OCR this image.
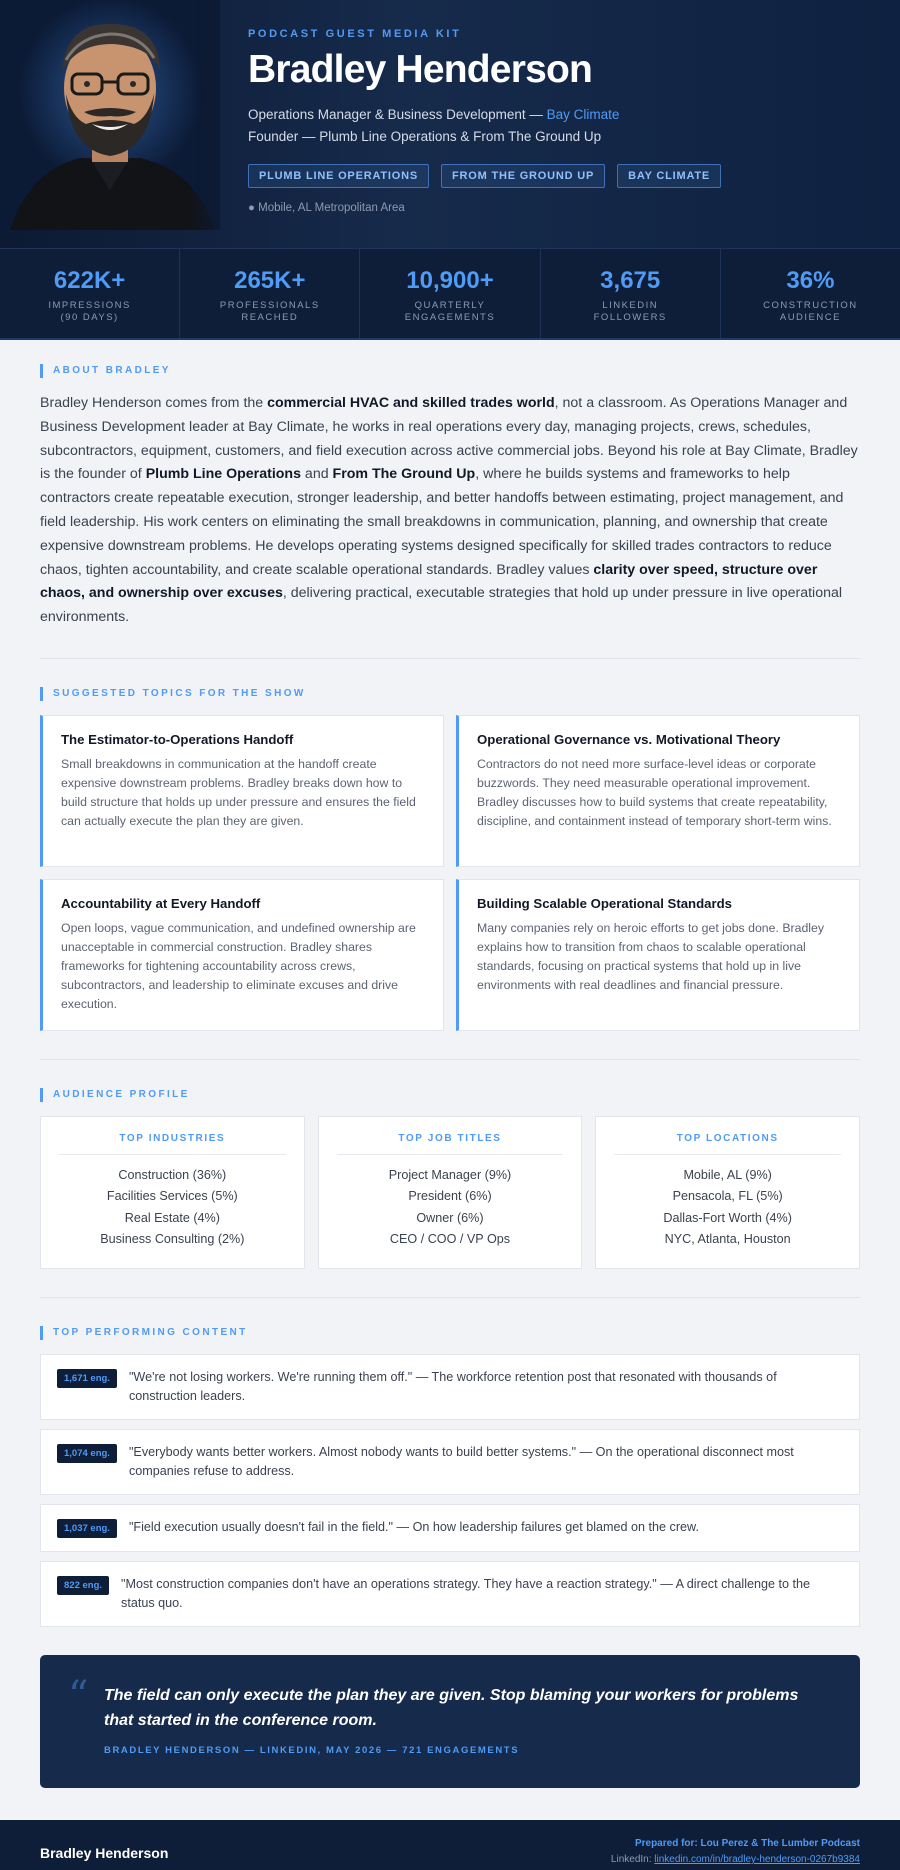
PODCAST GUEST MEDIA KIT
Bradley Henderson
Operations Manager & Business Development — Bay Climate
Founder — Plumb Line Operations & From The Ground Up
PLUMB LINE OPERATIONS	FROM THE GROUND UP	BAY CLIMATE
● Mobile, AL Metropolitan Area
622K+
IMPRESSIONS
(90 DAYS)
265K+
PROFESSIONALS
REACHED
10,900+
QUARTERLY
ENGAGEMENTS
3,675
LINKEDIN
FOLLOWERS
36%
CONSTRUCTION
AUDIENCE
ABOUT BRADLEY
Bradley Henderson comes from the commercial HVAC and skilled trades world, not a classroom. As Operations Manager and Business Development leader at Bay Climate, he works in real operations every day, managing projects, crews, schedules, subcontractors, equipment, customers, and field execution across active commercial jobs. Beyond his role at Bay Climate, Bradley is the founder of Plumb Line Operations and From The Ground Up, where he builds systems and frameworks to help contractors create repeatable execution, stronger leadership, and better handoffs between estimating, project management, and field leadership. His work centers on eliminating the small breakdowns in communication, planning, and ownership that create expensive downstream problems. He develops operating systems designed specifically for skilled trades contractors to reduce chaos, tighten accountability, and create scalable operational standards. Bradley values clarity over speed, structure over chaos, and ownership over excuses, delivering practical, executable strategies that hold up under pressure in live operational environments.
SUGGESTED TOPICS FOR THE SHOW
The Estimator-to-Operations Handoff
Small breakdowns in communication at the handoff create expensive downstream problems. Bradley breaks down how to build structure that holds up under pressure and ensures the field can actually execute the plan they are given.
Operational Governance vs. Motivational Theory
Contractors do not need more surface-level ideas or corporate buzzwords. They need measurable operational improvement. Bradley discusses how to build systems that create repeatability, discipline, and containment instead of temporary short-term wins.
Accountability at Every Handoff
Open loops, vague communication, and undefined ownership are unacceptable in commercial construction. Bradley shares frameworks for tightening accountability across crews, subcontractors, and leadership to eliminate excuses and drive execution.
Building Scalable Operational Standards
Many companies rely on heroic efforts to get jobs done. Bradley explains how to transition from chaos to scalable operational standards, focusing on practical systems that hold up in live environments with real deadlines and financial pressure.
AUDIENCE PROFILE
TOP INDUSTRIES
Construction (36%)
Facilities Services (5%)
Real Estate (4%)
Business Consulting (2%)
TOP JOB TITLES
Project Manager (9%)
President (6%)
Owner (6%)
CEO / COO / VP Ops
TOP LOCATIONS
Mobile, AL (9%)
Pensacola, FL (5%)
Dallas-Fort Worth (4%)
NYC, Atlanta, Houston
TOP PERFORMING CONTENT
1,671 eng.	"We're not losing workers. We're running them off." — The workforce retention post that resonated with thousands of construction leaders.
1,074 eng.	"Everybody wants better workers. Almost nobody wants to build better systems." — On the operational disconnect most companies refuse to address.
1,037 eng.	"Field execution usually doesn't fail in the field." — On how leadership failures get blamed on the crew.
822 eng.	"Most construction companies don't have an operations strategy. They have a reaction strategy." — A direct challenge to the status quo.
“ The field can only execute the plan they are given. Stop blaming your workers for problems that started in the conference room.
BRADLEY HENDERSON — LINKEDIN, MAY 2026 — 721 ENGAGEMENTS
Bradley Henderson
Prepared for: Lou Perez & The Lumber Podcast
LinkedIn: linkedin.com/in/bradley-henderson-0267b9384
